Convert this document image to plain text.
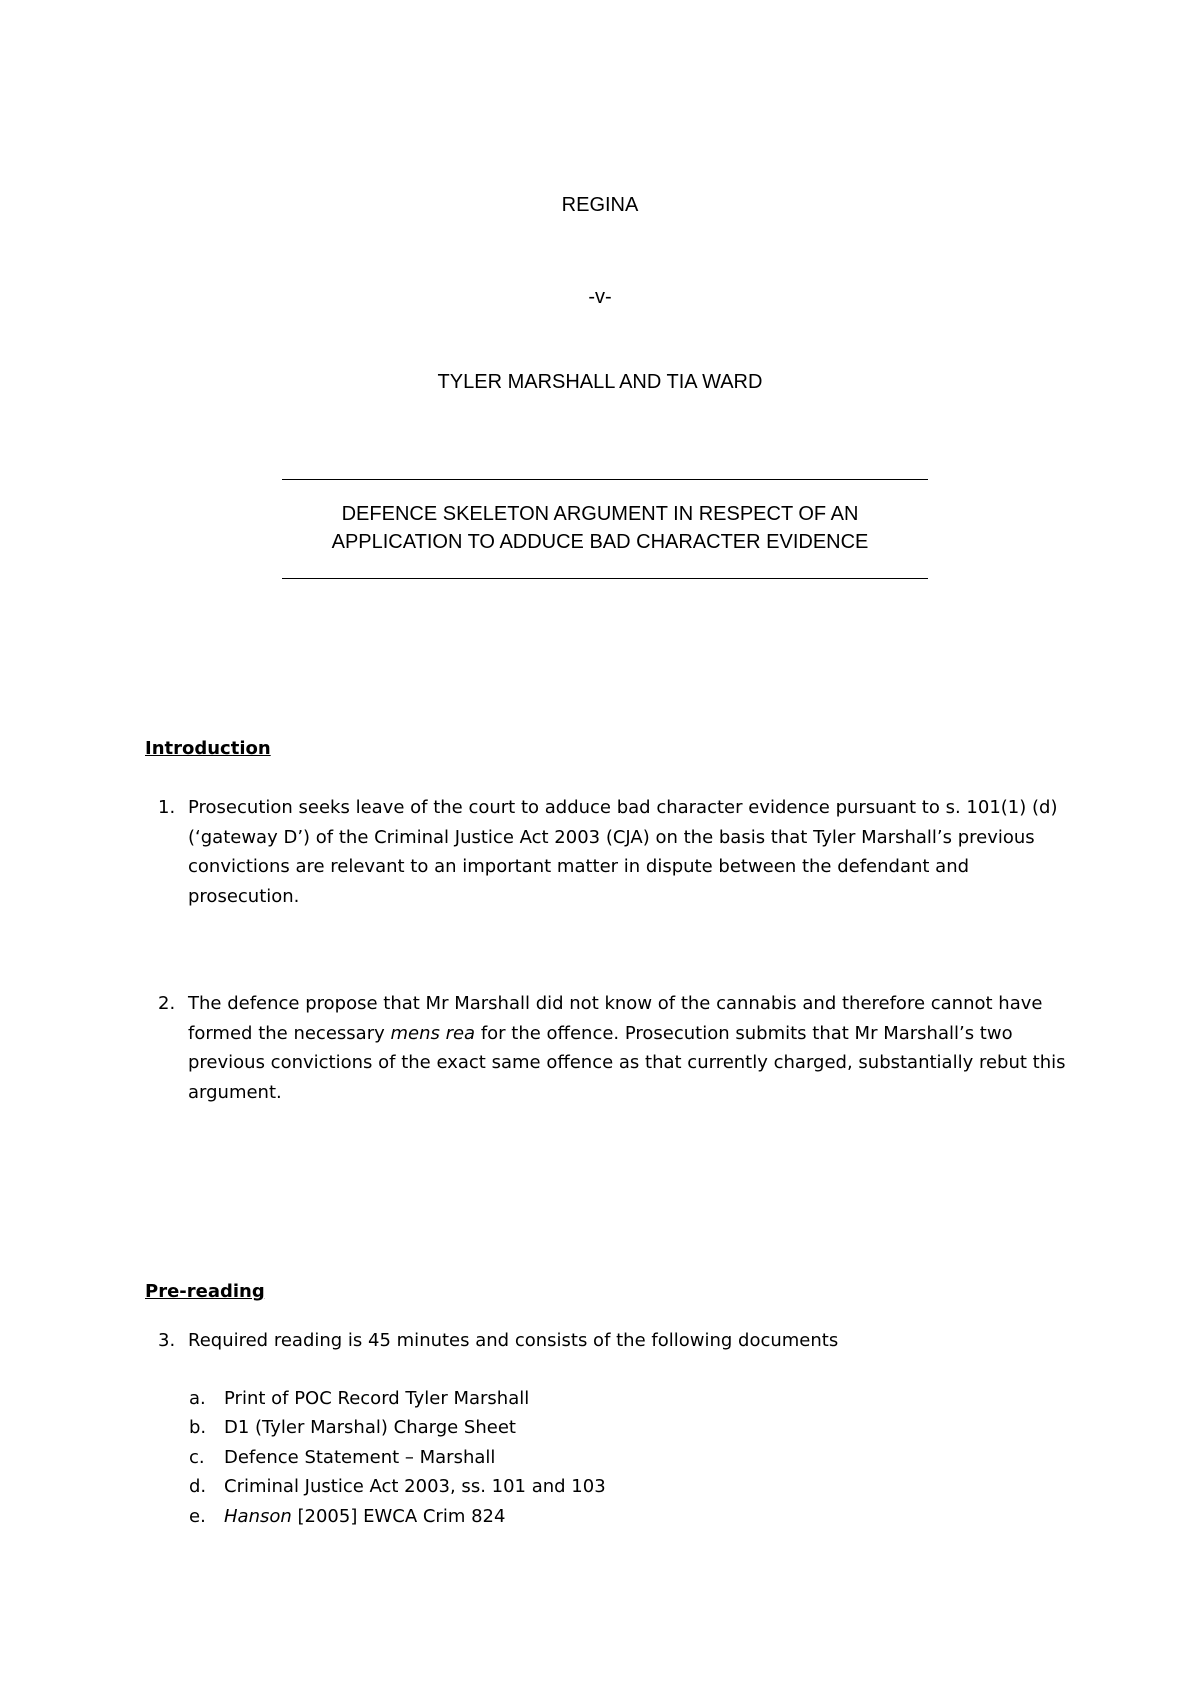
REGINA
-v-
TYLER MARSHALL AND TIA WARD
DEFENCE SKELETON ARGUMENT IN RESPECT OF AN
APPLICATION TO ADDUCE BAD CHARACTER EVIDENCE
Introduction
1. Prosecution seeks leave of the court to adduce bad character evidence pursuant to s. 101(1) (d) (‘gateway D’) of the Criminal Justice Act 2003 (CJA) on the basis that Tyler Marshall’s previous convictions are relevant to an important matter in dispute between the defendant and prosecution.
2. The defence propose that Mr Marshall did not know of the cannabis and therefore cannot have formed the necessary mens rea for the offence. Prosecution submits that Mr Marshall’s two previous convictions of the exact same offence as that currently charged, substantially rebut this argument.
Pre-reading
3. Required reading is 45 minutes and consists of the following documents
a. Print of POC Record Tyler Marshall
b. D1 (Tyler Marshal) Charge Sheet
c. Defence Statement – Marshall
d. Criminal Justice Act 2003, ss. 101 and 103
e. Hanson [2005] EWCA Crim 824
